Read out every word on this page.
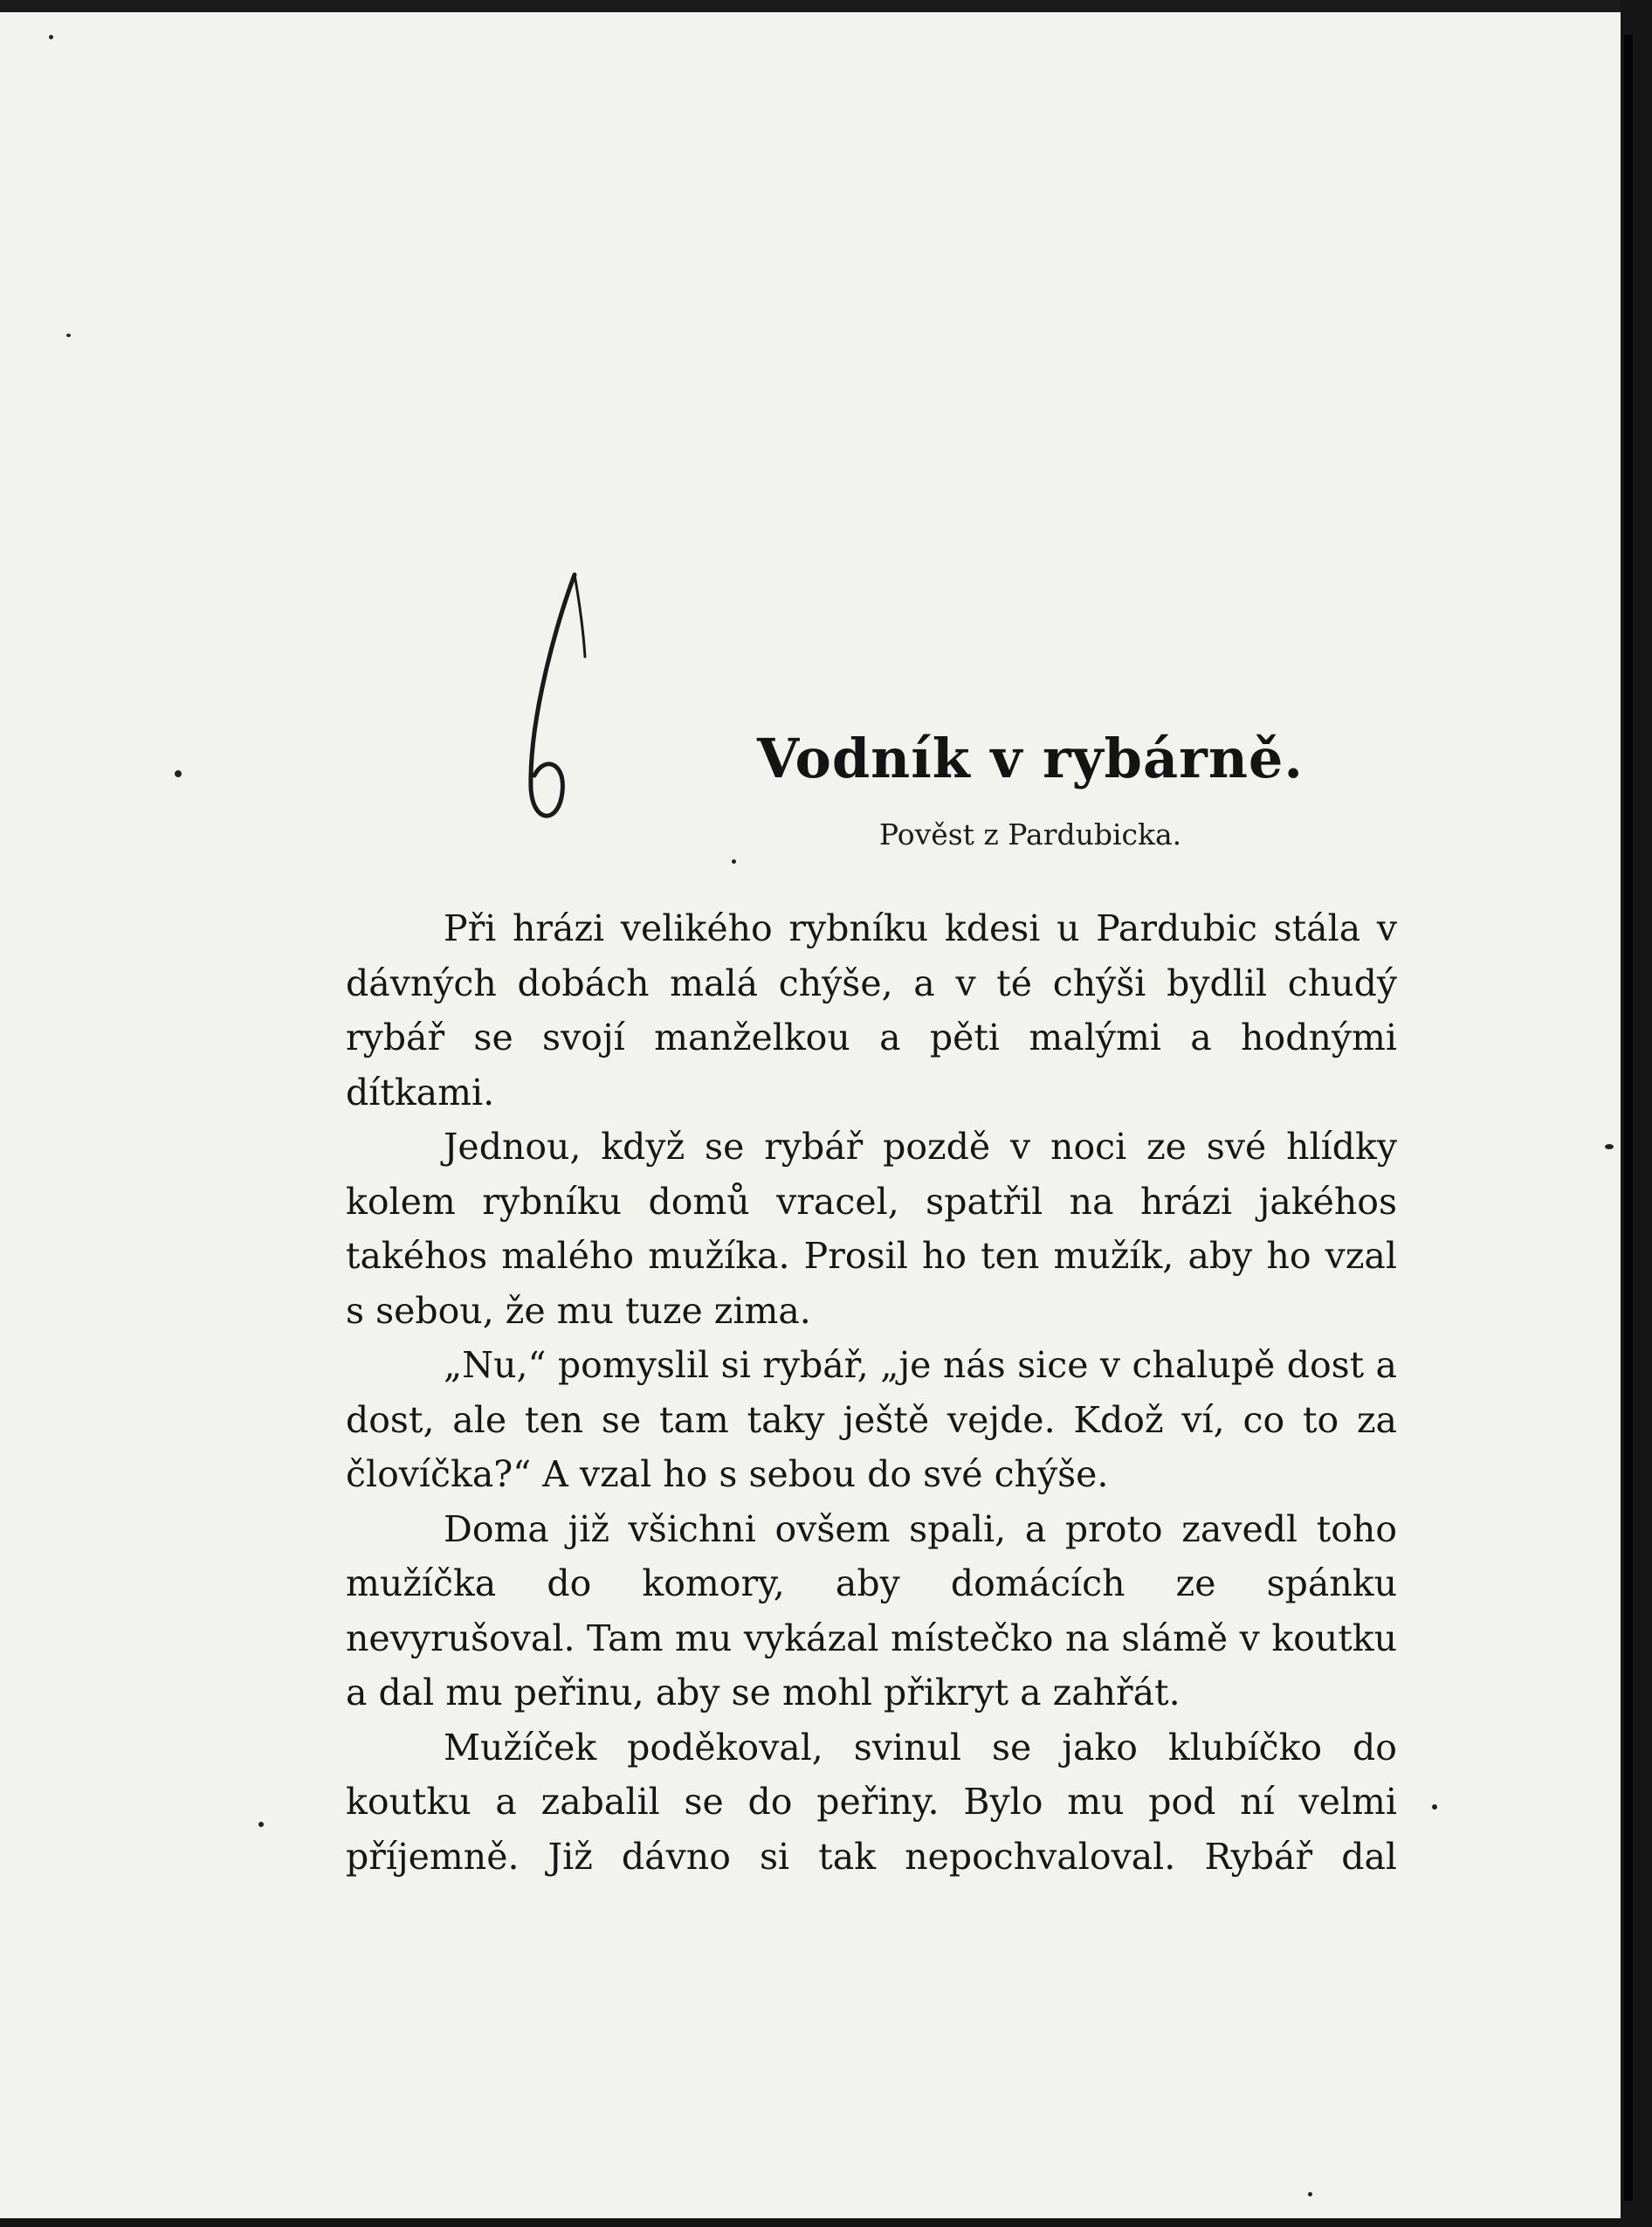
Vodník v rybárně.
Pověst z Pardubicka.

Při hrázi velikého rybníku kdesi u Pardubic stála v dávných dobách malá chýše, a v té chýši bydlil chudý rybář se svojí manželkou a pěti malými a hodnými dítkami.

Jednou, když se rybář pozdě v noci ze své hlídky kolem rybníku domů vracel, spatřil na hrázi jakéhos takéhos malého mužíka. Prosil ho ten mužík, aby ho vzal s sebou, že mu tuze zima.

„Nu,“ pomyslil si rybář, „je nás sice v chalupě dost a dost, ale ten se tam taky ještě vejde. Kdož ví, co to za človíčka?“ A vzal ho s sebou do své chýše.

Doma již všichni ovšem spali, a proto zavedl toho mužíčka do komory, aby domácích ze spánku nevyrušoval. Tam mu vykázal místečko na slámě v koutku a dal mu peřinu, aby se mohl přikryt a zahřát.

Mužíček poděkoval, svinul se jako klubíčko do koutku a zabalil se do peřiny. Bylo mu pod ní velmi příjemně. Již dávno si tak nepochvaloval. Rybář dal
